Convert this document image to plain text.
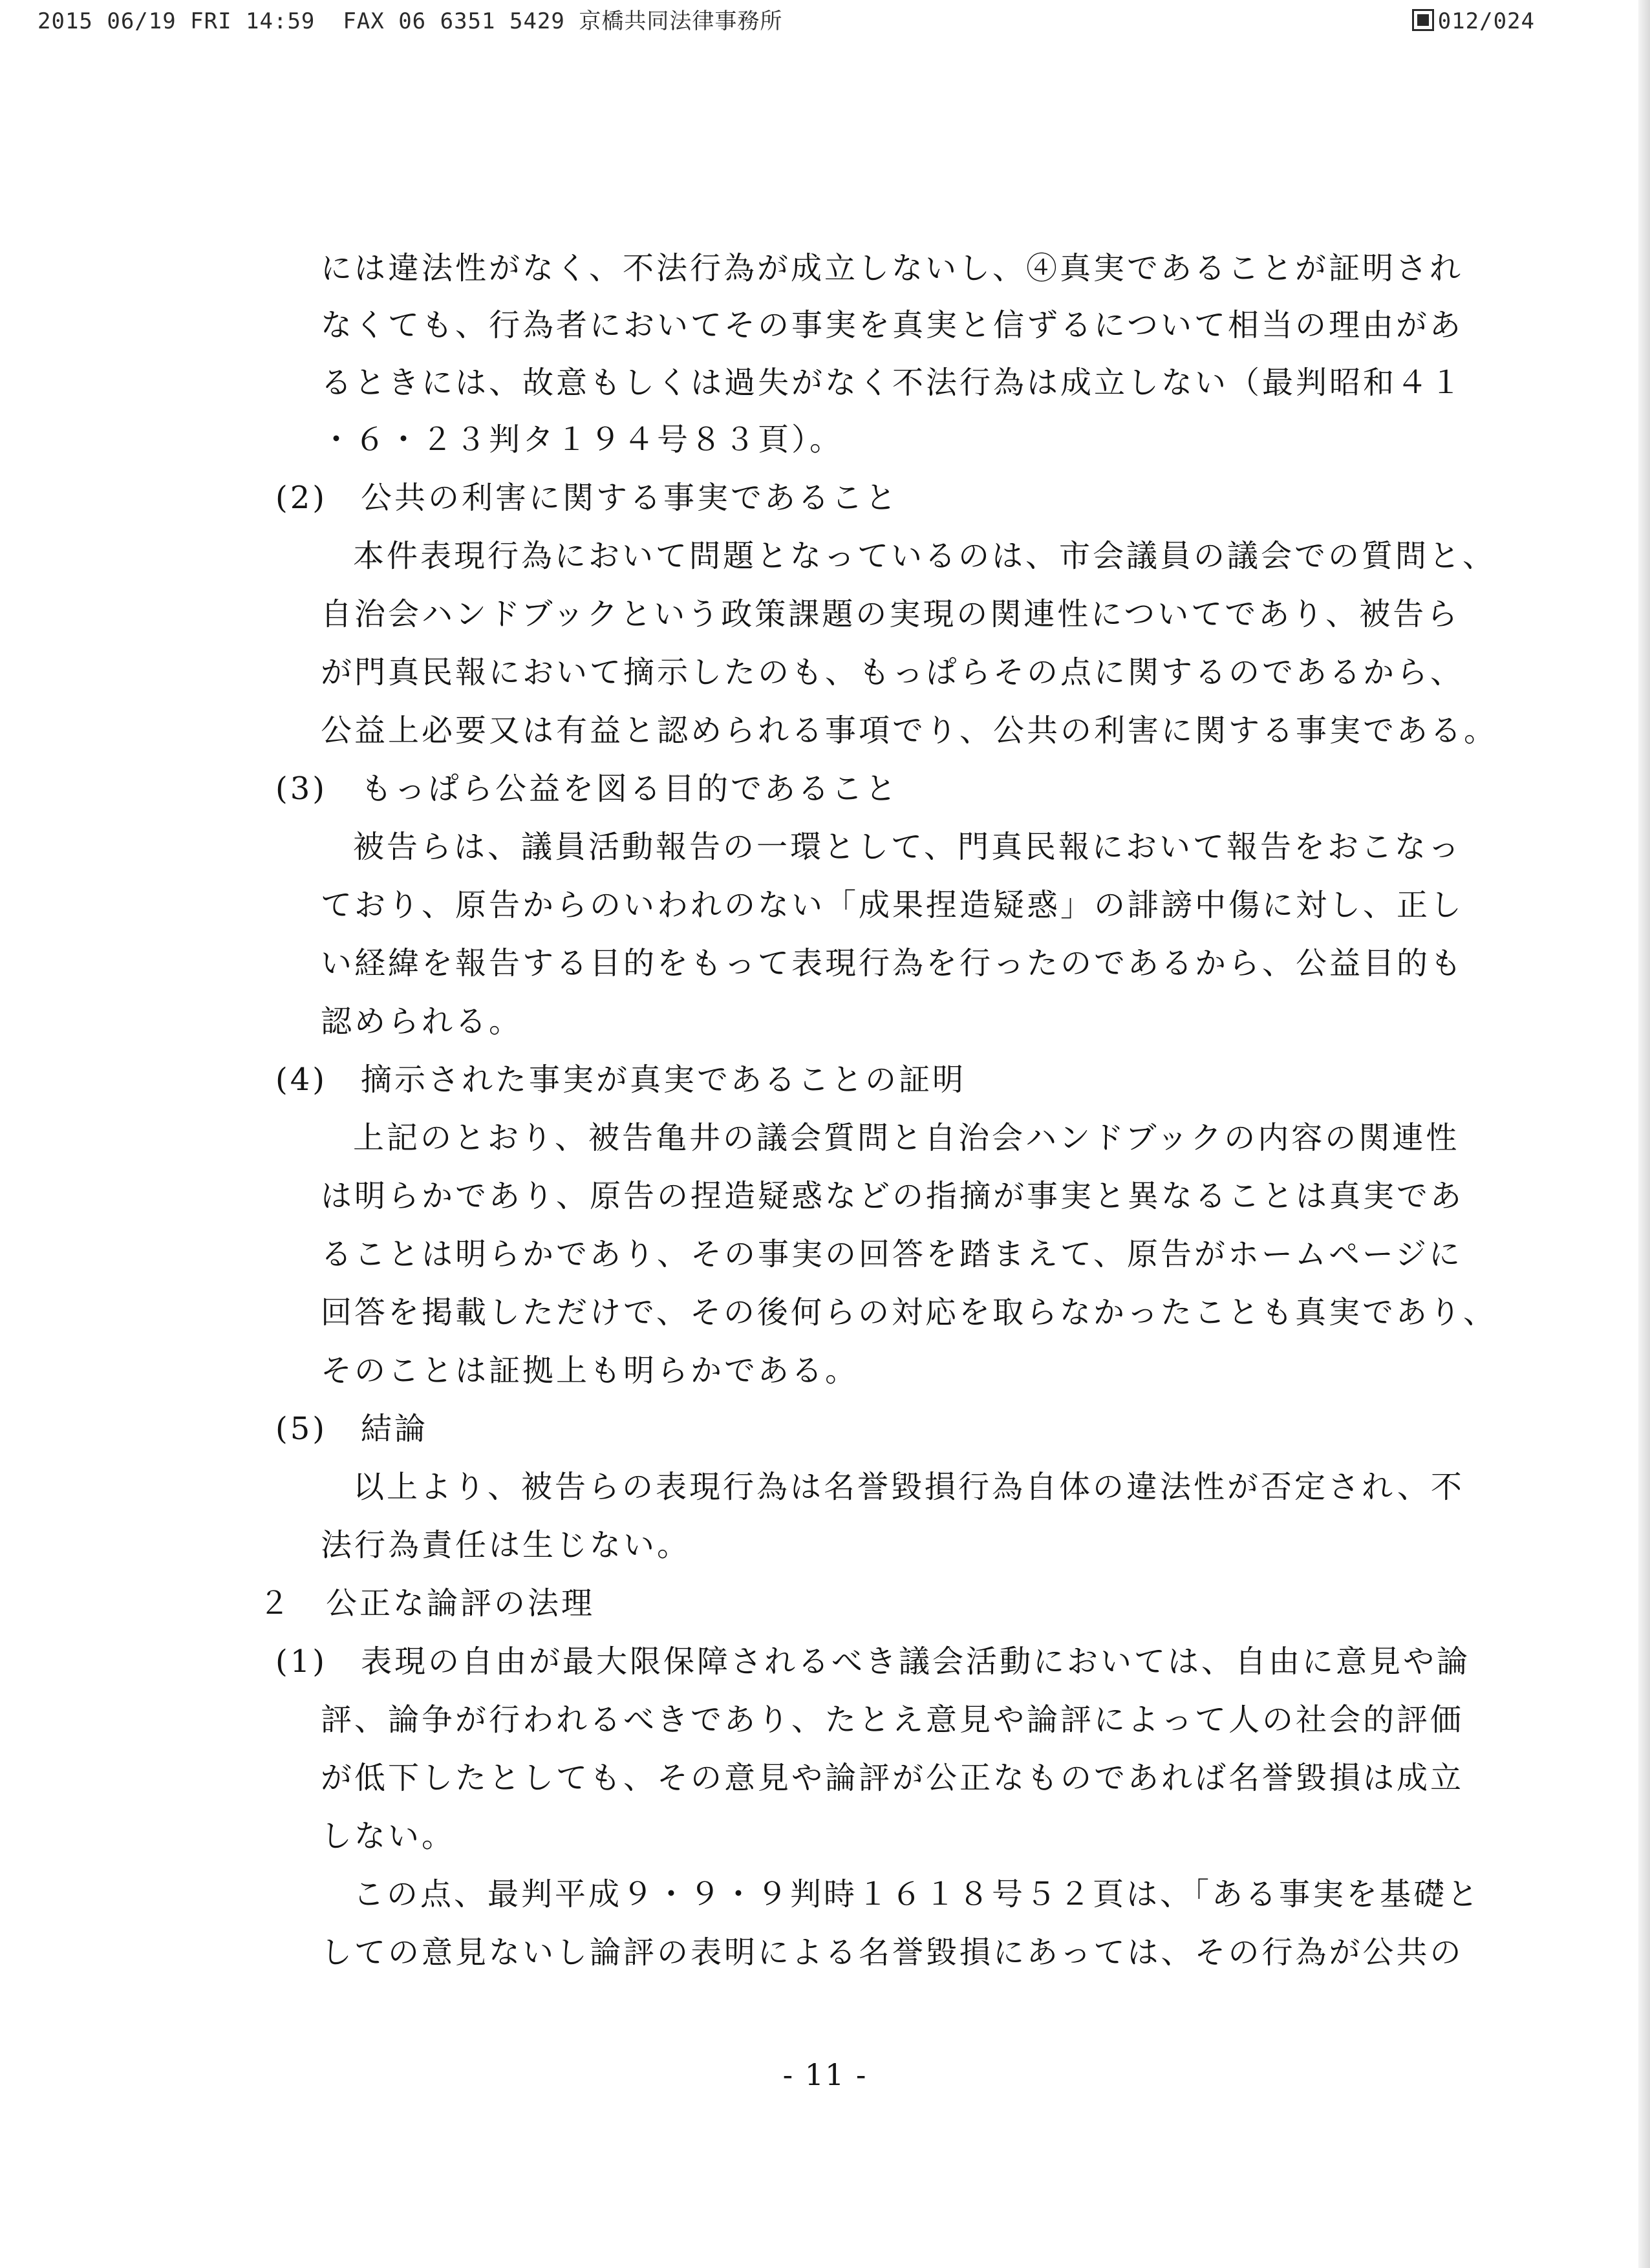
2015 06/19 FRI 14:59  FAX 06 6351 5429 京橋共同法律事務所	012/024
には違法性がなく、不法行為が成立しないし、④真実であることが証明され
なくても、行為者においてその事実を真実と信ずるについて相当の理由があ
るときには、故意もしくは過失がなく不法行為は成立しない（最判昭和４１
・６・２３判タ１９４号８３頁）。
(2)　公共の利害に関する事実であること
本件表現行為において問題となっているのは、市会議員の議会での質問と、
自治会ハンドブックという政策課題の実現の関連性についてであり、被告ら
が門真民報において摘示したのも、もっぱらその点に関するのであるから、
公益上必要又は有益と認められる事項でり、公共の利害に関する事実である。
(3)　もっぱら公益を図る目的であること
被告らは、議員活動報告の一環として、門真民報において報告をおこなっ
ており、原告からのいわれのない「成果捏造疑惑」の誹謗中傷に対し、正し
い経緯を報告する目的をもって表現行為を行ったのであるから、公益目的も
認められる。
(4)　摘示された事実が真実であることの証明
上記のとおり、被告亀井の議会質問と自治会ハンドブックの内容の関連性
は明らかであり、原告の捏造疑惑などの指摘が事実と異なることは真実であ
ることは明らかであり、その事実の回答を踏まえて、原告がホームページに
回答を掲載しただけで、その後何らの対応を取らなかったことも真実であり、
そのことは証拠上も明らかである。
(5)　結論
以上より、被告らの表現行為は名誉毀損行為自体の違法性が否定され、不
法行為責任は生じない。
２　公正な論評の法理
(1)　表現の自由が最大限保障されるべき議会活動においては、自由に意見や論
評、論争が行われるべきであり、たとえ意見や論評によって人の社会的評価
が低下したとしても、その意見や論評が公正なものであれば名誉毀損は成立
しない。
この点、最判平成９・９・９判時１６１８号５２頁は、「ある事実を基礎と
しての意見ないし論評の表明による名誉毀損にあっては、その行為が公共の
- 11 -
